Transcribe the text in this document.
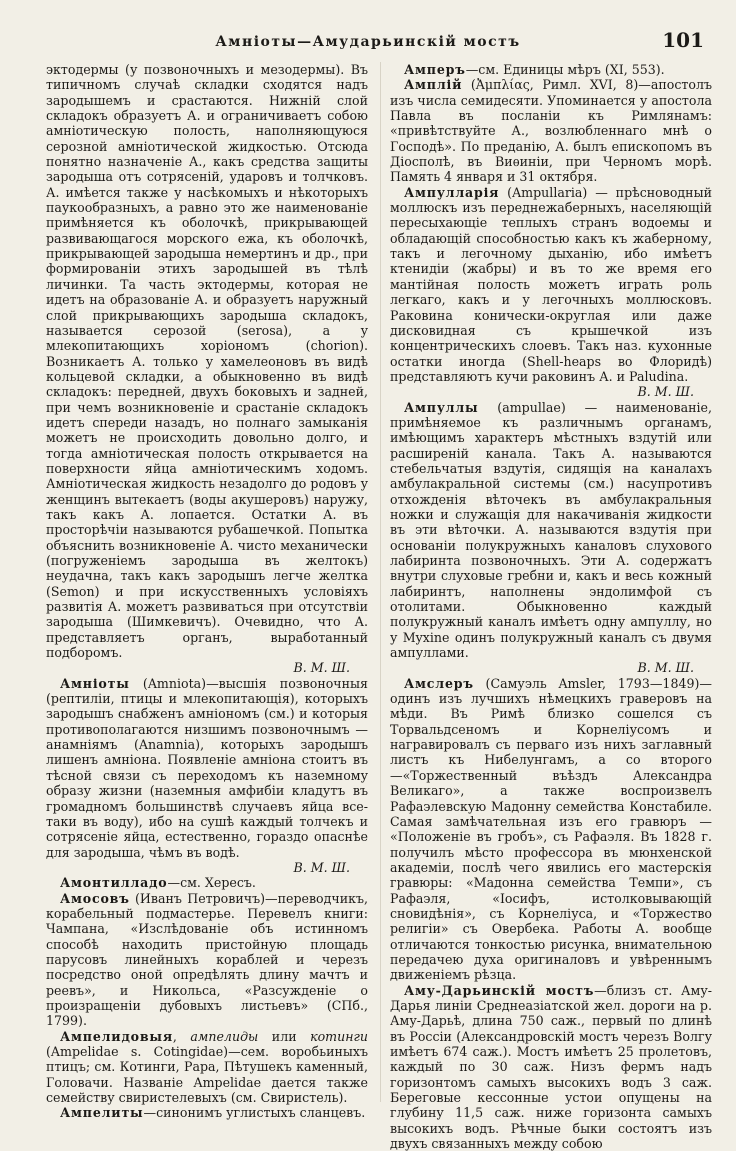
Амніоты—Амударьинскій мостъ	101

эктодермы (у позвоночныхъ и мезодермы). Въ типичномъ случаѣ складки сходятся надъ зародышемъ и срастаются. Нижній слой складокъ образуетъ А. и ограничиваетъ собою амніотическую полость, наполняющуюся серозной амніотической жидкостью. Отсюда понятно назначеніе А., какъ средства защиты зародыша отъ сотрясеній, ударовъ и толчковъ. А. имѣется также у насѣкомыхъ и нѣкоторыхъ паукообразныхъ, а равно это же наименованіе примѣняется къ оболочкѣ, прикрывающей развивающагося морского ежа, къ оболочкѣ, прикрывающей зародыша немертинъ и др., при формированіи этихъ зародышей въ тѣлѣ личинки. Та часть эктодермы, которая не идетъ на образованіе А. и образуетъ наружный слой прикрывающихъ зародыша складокъ, называется серозой (serosa), а у млекопитающихъ хоріономъ (chorion). Возникаетъ А. только у хамелеоновъ въ видѣ кольцевой складки, а обыкновенно въ видѣ складокъ: передней, двухъ боковыхъ и задней, при чемъ возникновеніе и срастаніе складокъ идетъ спереди назадъ, но полнаго замыканія можетъ не происходить довольно долго, и тогда амніотическая полость открывается на поверхности яйца амніотическимъ ходомъ. Амніотическая жидкость незадолго до родовъ у женщинъ вытекаетъ (воды акушеровъ) наружу, такъ какъ А. лопается. Остатки А. въ просторѣчіи называются рубашечкой. Попытка объяснить возникновеніе А. чисто механически (погруженіемъ зародыша въ желтокъ) неудачна, такъ какъ зародышъ легче желтка (Semon) и при искусственныхъ условіяхъ развитія А. можетъ развиваться при отсутствіи зародыша (Шимкевичъ). Очевидно, что А. представляетъ органъ, выработанный подборомъ.

В. М. Ш.

Амніоты (Amniota)—высшія позвоночныя (рептиліи, птицы и млекопитающія), которыхъ зародышъ снабженъ амніономъ (см.) и которыя противополагаются низшимъ позвоночнымъ — анамніямъ (Anamnia), которыхъ зародышъ лишенъ амніона. Появленіе амніона стоитъ въ тѣсной связи съ переходомъ къ наземному образу жизни (наземныя амфибіи кладутъ въ громадномъ большинствѣ случаевъ яйца все-таки въ воду), ибо на сушѣ каждый толчекъ и сотрясеніе яйца, естественно, гораздо опаснѣе для зародыша, чѣмъ въ водѣ.

В. М. Ш.

Амонтилладо—см. Хересъ.

Амосовъ (Иванъ Петровичъ)—переводчикъ, корабельный подмастерье. Перевелъ книги: Чампана, «Изслѣдованіе объ истинномъ способѣ находить пристойную площадь парусовъ линейныхъ кораблей и черезъ посредство оной опредѣлять длину мачтъ и реевъ», и Никольса, «Разсужденіе о произращеніи дубовыхъ листьевъ» (СПб., 1799).

Ампелидовыя, ампелиды или котинги (Ampelidae s. Cotingidae)—сем. воробьиныхъ птицъ; см. Котинги, Рара, Пѣтушекъ каменный, Головачи. Названіе Ampelidae дается также семейству свиристелевыхъ (см. Свиристель).

Ампелиты—синонимъ углистыхъ сланцевъ.

Амперъ—см. Единицы мѣръ (XI, 553).

Амплій (Ἀμπλίας, Римл. XVI, 8)—апостолъ изъ числа семидесяти. Упоминается у апостола Павла въ посланіи къ Римлянамъ: «привѣтствуйте А., возлюбленнаго мнѣ о Господѣ». По преданію, А. былъ епископомъ въ Діосполѣ, въ Виѳиніи, при Черномъ морѣ. Память 4 января и 31 октября.

Ампулларія (Ampullaria) — прѣсноводный моллюскъ изъ переднежаберныхъ, населяющій пересыхающіе теплыхъ странъ водоемы и обладающій способностью какъ къ жаберному, такъ и легочному дыханію, ибо имѣетъ ктенидіи (жабры) и въ то же время его мантійная полость можетъ играть роль легкаго, какъ и у легочныхъ моллюсковъ. Раковина конически-округлая или даже дисковидная съ крышечкой изъ концентрическихъ слоевъ. Такъ наз. кухонные остатки иногда (Shell-heaps во Флоридѣ) представляютъ кучи раковинъ А. и Paludina.

В. М. Ш.

Ампуллы (ampullae) — наименованіе, примѣняемое къ различнымъ органамъ, имѣющимъ характеръ мѣстныхъ вздутій или расширеній канала. Такъ А. называются стебельчатыя вздутія, сидящія на каналахъ амбулакральной системы (см.) насупротивъ отхожденія вѣточекъ въ амбулакральныя ножки и служащія для накачиванія жидкости въ эти вѣточки. А. называются вздутія при основаніи полукружныхъ каналовъ слухового лабиринта позвоночныхъ. Эти А. содержатъ внутри слуховые гребни и, какъ и весь кожный лабиринтъ, наполнены эндолимфой съ отолитами. Обыкновенно каждый полукружный каналъ имѣетъ одну ампуллу, но у Myxine одинъ полукружный каналъ съ двумя ампуллами.

В. М. Ш.

Амслеръ (Самуэль Amsler, 1793—1849)—одинъ изъ лучшихъ нѣмецкихъ граверовъ на мѣди. Въ Римѣ близко сошелся съ Торвальдсеномъ и Корнеліусомъ и награвировалъ съ перваго изъ нихъ заглавный листъ къ Нибелунгамъ, а со второго—«Торжественный въѣздъ Александра Великаго», а также воспроизвелъ Рафаэлевскую Мадонну семейства Констабиле. Самая замѣчательная изъ его гравюръ — «Положеніе въ гробъ», съ Рафаэля. Въ 1828 г. получилъ мѣсто профессора въ мюнхенской академіи, послѣ чего явились его мастерскія гравюры: «Мадонна семейства Темпи», съ Рафаэля, «Іосифъ, истолковывающій сновидѣнія», съ Корнеліуса, и «Торжество религіи» съ Овербека. Работы А. вообще отличаются тонкостью рисунка, внимательною передачею духа оригиналовъ и увѣреннымъ движеніемъ рѣзца.

Аму-Дарьинскій мостъ—близъ ст. Аму-Дарья линіи Среднеазіатской жел. дороги на р. Аму-Дарьѣ, длина 750 саж., первый по длинѣ въ Россіи (Александровскій мостъ черезъ Волгу имѣетъ 674 саж.). Мостъ имѣетъ 25 пролетовъ, каждый по 30 саж. Низъ фермъ надъ горизонтомъ самыхъ высокихъ водъ 3 саж. Береговые кессонные устои опущены на глубину 11,5 саж. ниже горизонта самыхъ высокихъ водъ. Рѣчные быки состоятъ изъ двухъ связанныхъ между собою
